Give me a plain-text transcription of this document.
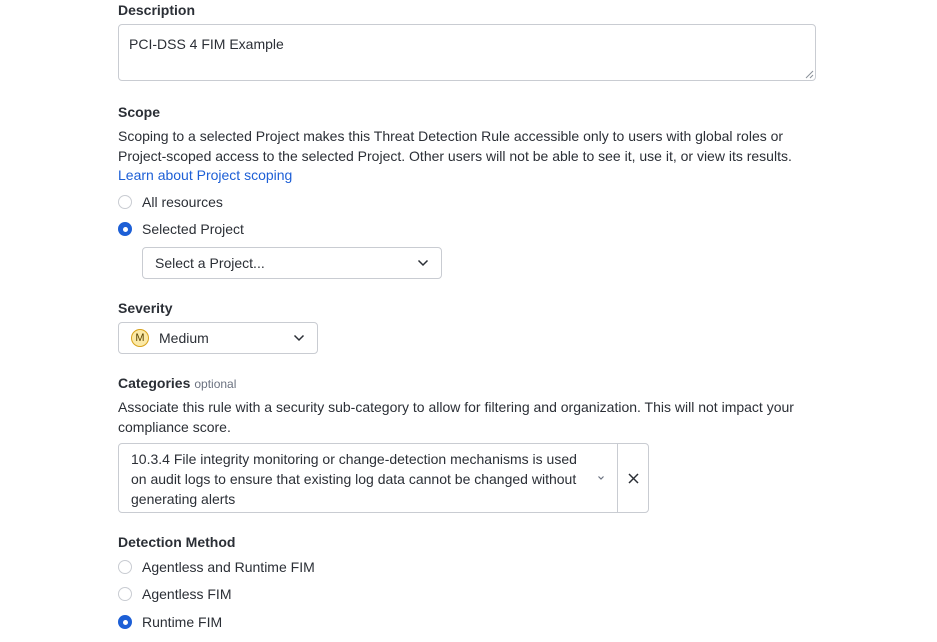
Description
PCI-DSS 4 FIM Example
Scope
Scoping to a selected Project makes this Threat Detection Rule accessible only to users with global roles or Project-scoped access to the selected Project. Other users will not be able to see it, use it, or view its results. Learn about Project scoping
All resources
Selected Project
Select a Project...
Severity
M	Medium
Categories optional
Associate this rule with a security sub-category to allow for filtering and organization. This will not impact your compliance score.
10.3.4 File integrity monitoring or change-detection mechanisms is used on audit logs to ensure that existing log data cannot be changed without generating alerts
Detection Method
Agentless and Runtime FIM
Agentless FIM
Runtime FIM
